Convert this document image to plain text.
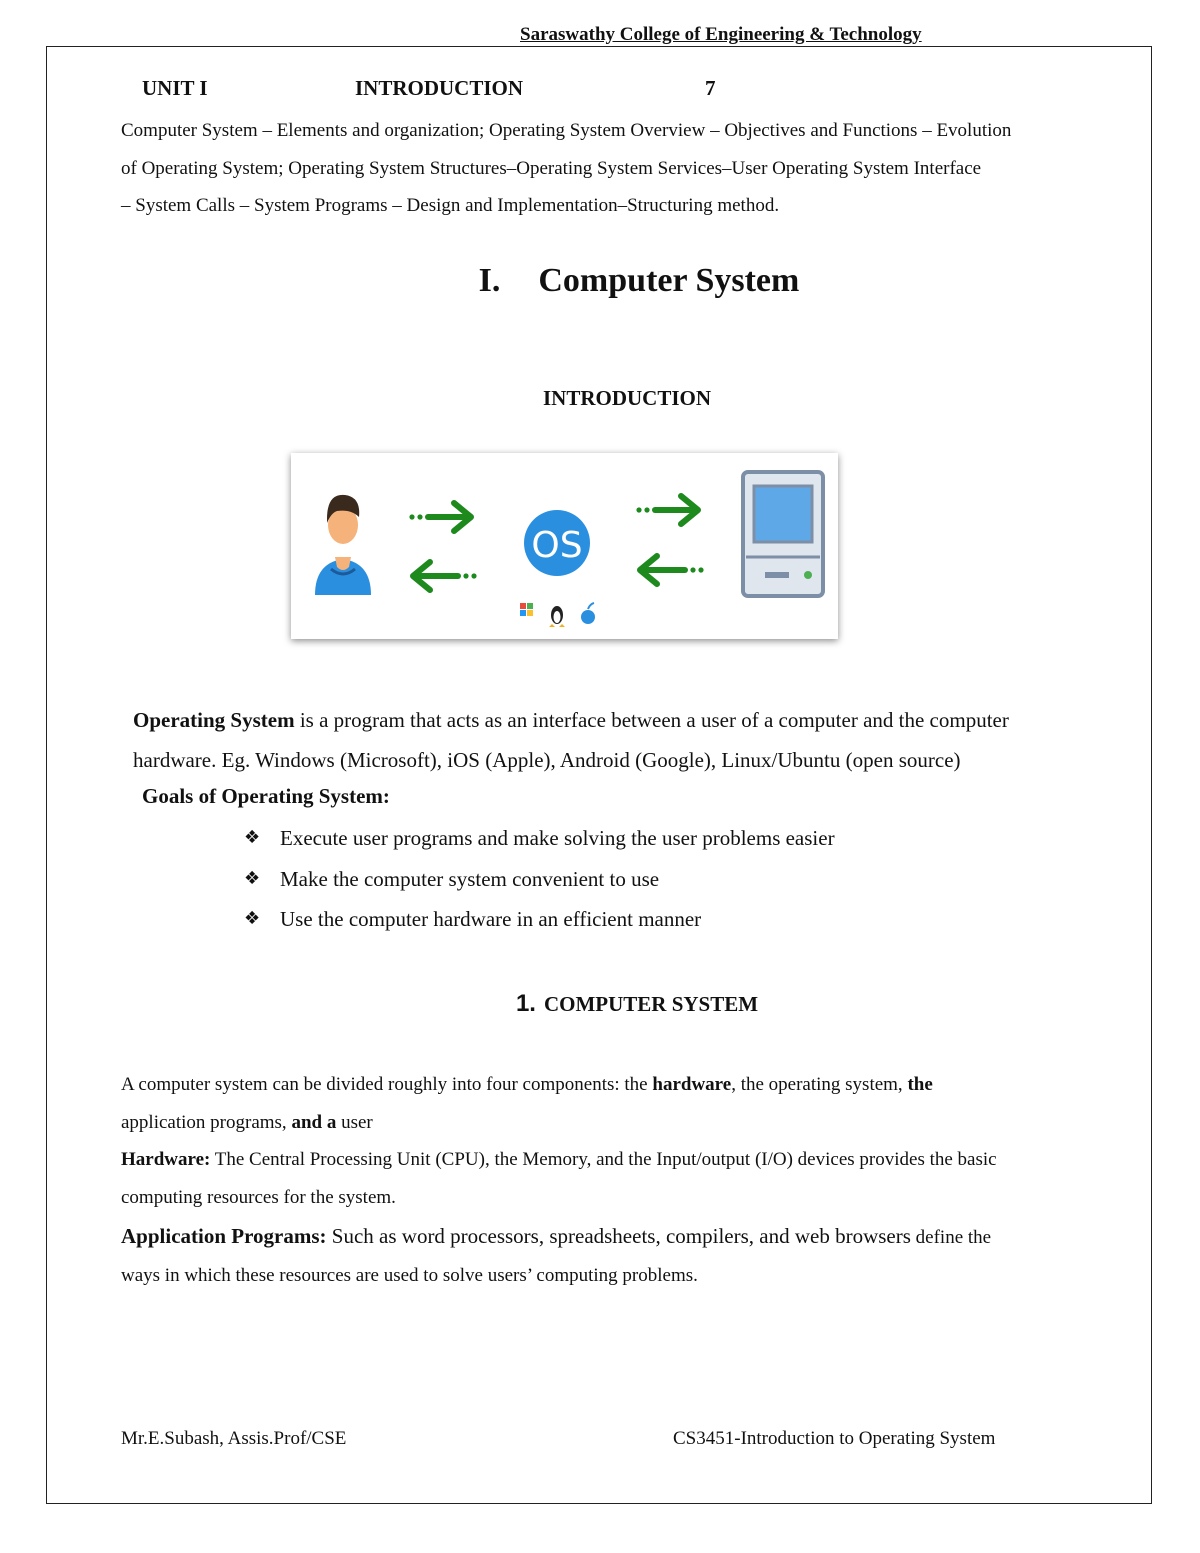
Saraswathy College of Engineering & Technology
UNIT I	INTRODUCTION	7
Computer System – Elements and organization; Operating System Overview – Objectives and Functions – Evolution
of Operating System; Operating System Structures–Operating System Services–User Operating System Interface
– System Calls – System Programs – Design and Implementation–Structuring method.
I. Computer System
INTRODUCTION
OS
Operating System is a program that acts as an interface between a user of a computer and the computer
hardware. Eg. Windows (Microsoft), iOS (Apple), Android (Google), Linux/Ubuntu (open source)
Goals of Operating System:
❖ Execute user programs and make solving the user problems easier
❖ Make the computer system convenient to use
❖ Use the computer hardware in an efficient manner
1. COMPUTER SYSTEM
A computer system can be divided roughly into four components: the hardware, the operating system, the
application programs, and a user
Hardware: The Central Processing Unit (CPU), the Memory, and the Input/output (I/O) devices provides the basic
computing resources for the system.
Application Programs: Such as word processors, spreadsheets, compilers, and web browsers define the
ways in which these resources are used to solve users’ computing problems.
Mr.E.Subash, Assis.Prof/CSE	CS3451-Introduction to Operating System
